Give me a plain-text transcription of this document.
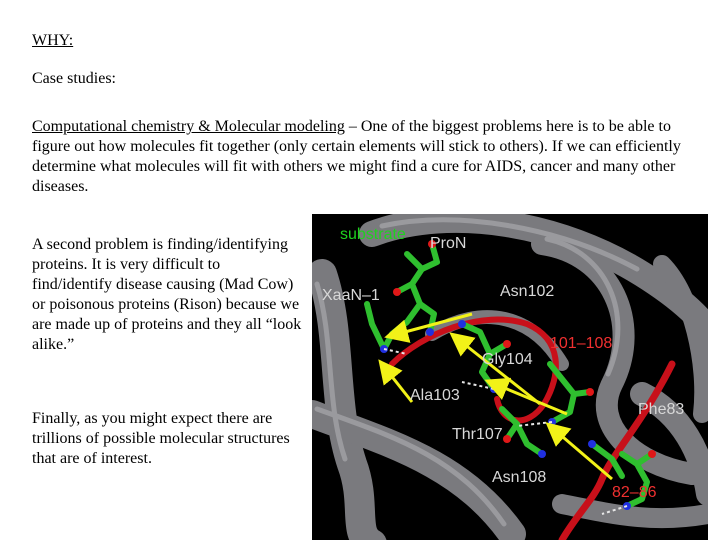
WHY:
Case studies:
Computational chemistry & Molecular modeling – One of the biggest problems here is to be able to figure out how molecules fit together (only certain elements will stick to others). If we can efficiently determine what molecules will fit with others we might find a cure for AIDS, cancer and many other diseases.
A second problem is finding/identifying proteins. It is very difficult to find/identify disease causing (Mad Cow) or poisonous proteins (Rison) because we are made up of proteins and they all “look alike.”
Finally, as you might expect there are trillions of possible molecular structures that are of interest.
substrate
ProN
XaaN–1	Asn102
101–108
Gly104
Ala103
Phe83
Thr107
Asn108
82–86
